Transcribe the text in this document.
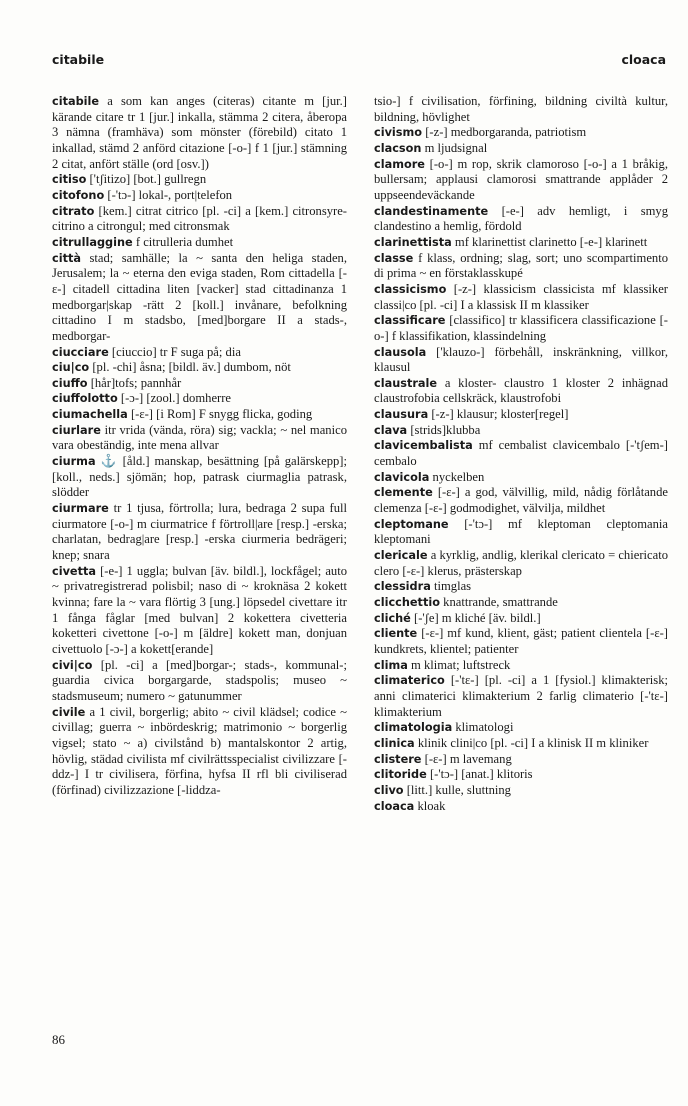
citabile	cloaca
citabile a som kan anges (citeras) citante m [jur.] kärande citare tr 1 [jur.] inkalla, stämma 2 citera, åberopa 3 nämna (framhäva) som mönster (förebild) citato 1 inkallad, stämd 2 anförd citazione [-o-] f 1 [jur.] stämning 2 citat, anfört ställe (ord [osv.])
citiso ['tʃitizo] [bot.] gullregn
citofono [-'tɔ-] lokal-, port|telefon
citrato [kem.] citrat citrico [pl. -ci] a [kem.] citronsyre- citrino a citrongul; med citronsmak
citrullaggine f citrulleria dumhet
città stad; samhälle; la ~ santa den heliga staden, Jerusalem; la ~ eterna den eviga staden, Rom cittadella [-ɛ-] citadell cittadina liten [vacker] stad cittadinanza 1 medborgar|skap -rätt 2 [koll.] invånare, befolkning cittadino I m stadsbo, [med]borgare II a stads-, medborgar-
ciucciare [ciuccio] tr F suga på; dia
ciu|co [pl. -chi] åsna; [bildl. äv.] dumbom, nöt
ciuffo [hår]tofs; pannhår
ciuffolotto [-ɔ-] [zool.] domherre
ciumachella [-ɛ-] [i Rom] F snygg flicka, goding
ciurlare itr vrida (vända, röra) sig; vackla; ~ nel manico vara obeständig, inte mena allvar
ciurma ⚓ [åld.] manskap, besättning [på galärskepp]; [koll., neds.] sjömän; hop, patrask ciurmaglia patrask, slödder
ciurmare tr 1 tjusa, förtrolla; lura, bedraga 2 supa full ciurmatore [-o-] m ciurmatrice f förtroll|are [resp.] -erska; charlatan, bedrag|are [resp.] -erska ciurmeria bedrägeri; knep; snara
civetta [-e-] 1 uggla; bulvan [äv. bildl.], lockfågel; auto ~ privatregistrerad polisbil; naso di ~ kroknäsa 2 kokett kvinna; fare la ~ vara flörtig 3 [ung.] löpsedel civettare itr 1 fånga fåglar [med bulvan] 2 kokettera civetteria koketteri civettone [-o-] m [äldre] kokett man, donjuan civettuolo [-ɔ-] a kokett[erande]
civi|co [pl. -ci] a [med]borgar-; stads-, kommunal-; guardia civica borgargarde, stadspolis; museo ~ stadsmuseum; numero ~ gatunummer
civile a 1 civil, borgerlig; abito ~ civil klädsel; codice ~ civillag; guerra ~ inbördeskrig; matrimonio ~ borgerlig vigsel; stato ~ a) civilstånd b) mantalskontor 2 artig, hövlig, städad civilista mf civilrättsspecialist civilizzare [-ddz-] I tr civilisera, förfina, hyfsa II rfl bli civiliserad (förfinad) civilizzazione [-liddza-
tsio-] f civilisation, förfining, bildning civiltà kultur, bildning, hövlighet
civismo [-z-] medborgaranda, patriotism
clacson m ljudsignal
clamore [-o-] m rop, skrik clamoroso [-o-] a 1 bråkig, bullersam; applausi clamorosi smattrande applåder 2 uppseendeväckande
clandestinamente [-e-] adv hemligt, i smyg clandestino a hemlig, fördold
clarinettista mf klarinettist clarinetto [-e-] klarinett
classe f klass, ordning; slag, sort; uno scompartimento di prima ~ en förstaklasskupé
classicismo [-z-] klassicism classicista mf klassiker classi|co [pl. -ci] I a klassisk II m klassiker
classificare [classifico] tr klassificera classificazione [-o-] f klassifikation, klassindelning
clausola ['klauzo-] förbehåll, inskränkning, villkor, klausul
claustrale a kloster- claustro 1 kloster 2 inhägnad claustrofobia cellskräck, klaustrofobi
clausura [-z-] klausur; kloster[regel]
clava [strids]klubba
clavicembalista mf cembalist clavicembalo [-'tʃem-] cembalo
clavicola nyckelben
clemente [-ɛ-] a god, välvillig, mild, nådig förlåtande clemenza [-ɛ-] godmodighet, välvilja, mildhet
cleptomane [-'tɔ-] mf kleptoman cleptomania kleptomani
clericale a kyrklig, andlig, klerikal clericato = chiericato clero [-ɛ-] klerus, prästerskap
clessidra timglas
clicchettio knattrande, smattrande
cliché [-'ʃe] m kliché [äv. bildl.]
cliente [-ɛ-] mf kund, klient, gäst; patient clientela [-ɛ-] kundkrets, klientel; patienter
clima m klimat; luftstreck
climaterico [-'tɛ-] [pl. -ci] a 1 [fysiol.] klimakterisk; anni climaterici klimakterium 2 farlig climaterio [-'tɛ-] klimakterium
climatologia klimatologi
clinica klinik clini|co [pl. -ci] I a klinisk II m kliniker
clistere [-ɛ-] m lavemang
clitoride [-'tɔ-] [anat.] klitoris
clivo [litt.] kulle, sluttning
cloaca kloak
86
